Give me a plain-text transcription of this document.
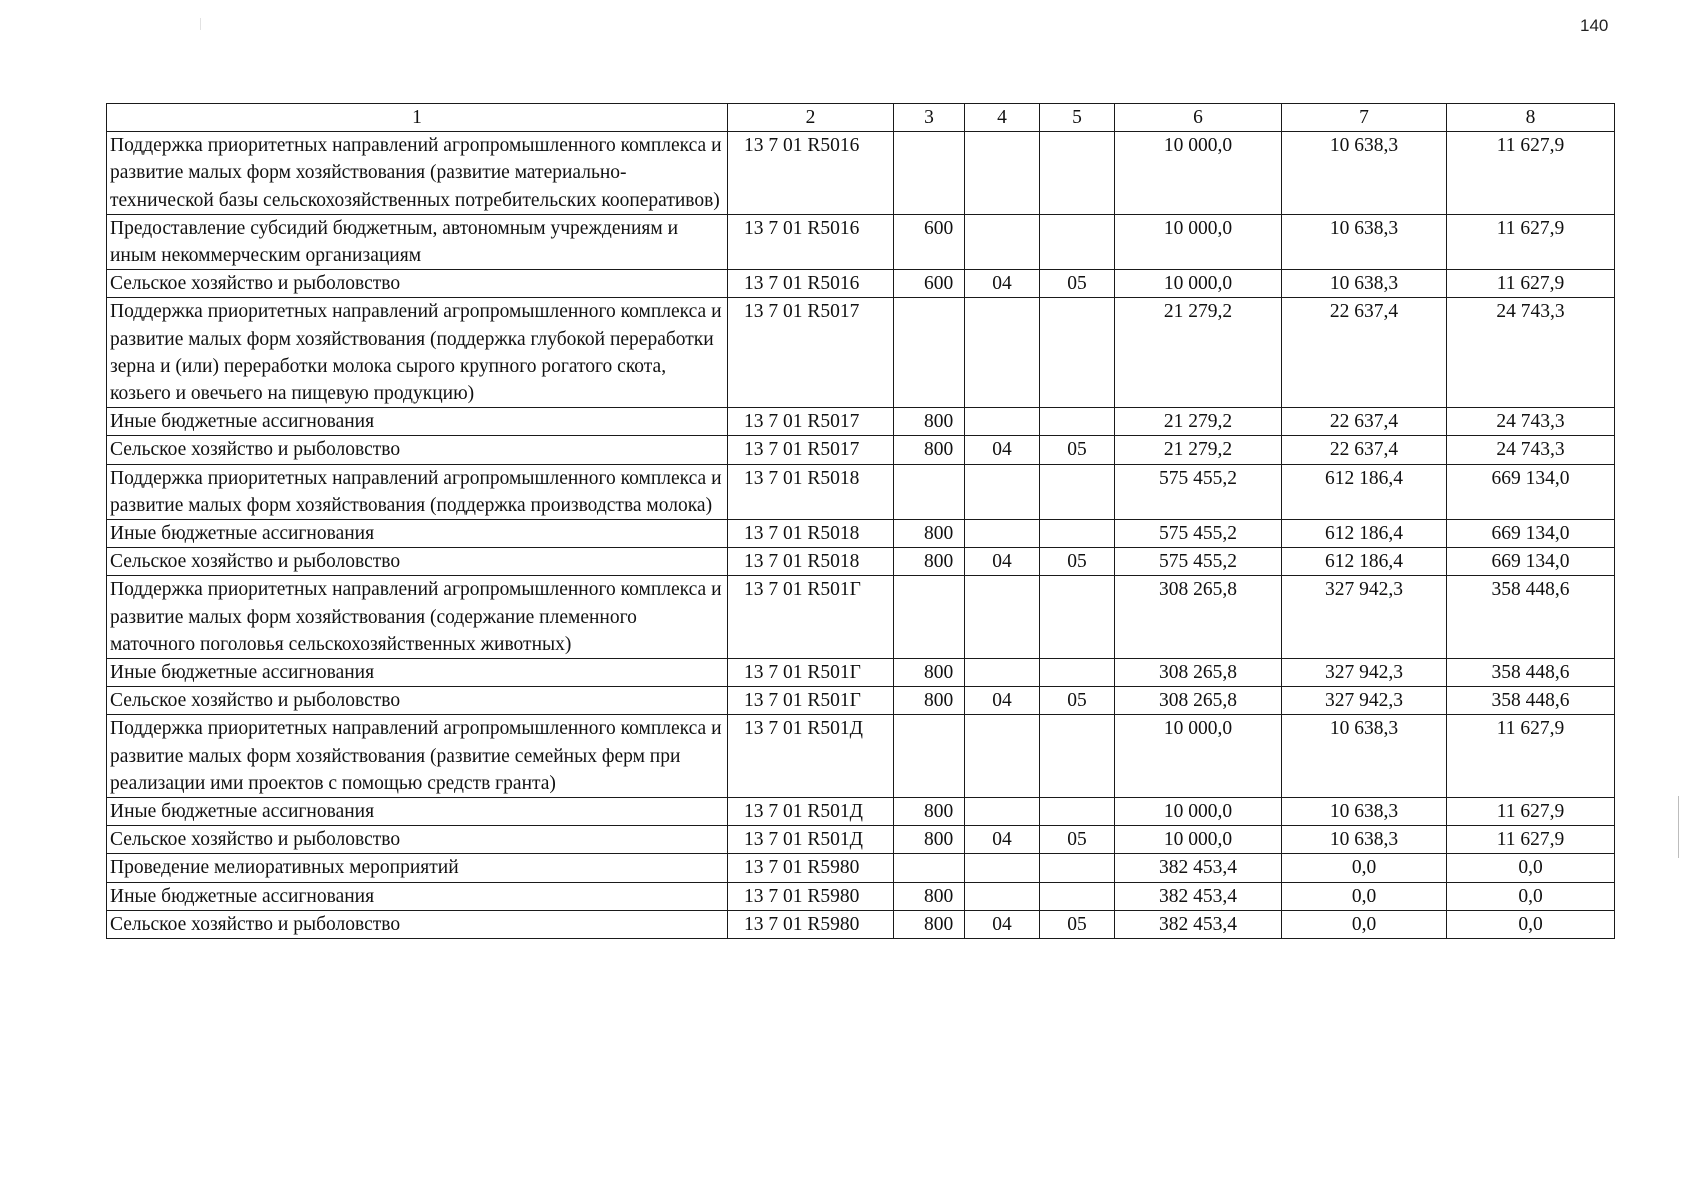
140
1	2	3	4	5	6	7	8
Поддержка приоритетных направлений агропромышленного комплекса и развитие малых форм хозяйствования (развитие материально-технической базы сельскохозяйственных потребительских кооперативов)	13 7 01 R5016				10 000,0	10 638,3	11 627,9
Предоставление субсидий бюджетным, автономным учреждениям и иным некоммерческим организациям	13 7 01 R5016	600			10 000,0	10 638,3	11 627,9
Сельское хозяйство и рыболовство	13 7 01 R5016	600	04	05	10 000,0	10 638,3	11 627,9
Поддержка приоритетных направлений агропромышленного комплекса и развитие малых форм хозяйствования (поддержка глубокой переработки зерна и (или) переработки молока сырого крупного рогатого скота, козьего и овечьего на пищевую продукцию)	13 7 01 R5017				21 279,2	22 637,4	24 743,3
Иные бюджетные ассигнования	13 7 01 R5017	800			21 279,2	22 637,4	24 743,3
Сельское хозяйство и рыболовство	13 7 01 R5017	800	04	05	21 279,2	22 637,4	24 743,3
Поддержка приоритетных направлений агропромышленного комплекса и развитие малых форм хозяйствования (поддержка производства молока)	13 7 01 R5018				575 455,2	612 186,4	669 134,0
Иные бюджетные ассигнования	13 7 01 R5018	800			575 455,2	612 186,4	669 134,0
Сельское хозяйство и рыболовство	13 7 01 R5018	800	04	05	575 455,2	612 186,4	669 134,0
Поддержка приоритетных направлений агропромышленного комплекса и развитие малых форм хозяйствования (содержание племенного маточного поголовья сельскохозяйственных животных)	13 7 01 R501Г				308 265,8	327 942,3	358 448,6
Иные бюджетные ассигнования	13 7 01 R501Г	800			308 265,8	327 942,3	358 448,6
Сельское хозяйство и рыболовство	13 7 01 R501Г	800	04	05	308 265,8	327 942,3	358 448,6
Поддержка приоритетных направлений агропромышленного комплекса и развитие малых форм хозяйствования (развитие семейных ферм при реализации ими проектов с помощью средств гранта)	13 7 01 R501Д				10 000,0	10 638,3	11 627,9
Иные бюджетные ассигнования	13 7 01 R501Д	800			10 000,0	10 638,3	11 627,9
Сельское хозяйство и рыболовство	13 7 01 R501Д	800	04	05	10 000,0	10 638,3	11 627,9
Проведение мелиоративных мероприятий	13 7 01 R5980				382 453,4	0,0	0,0
Иные бюджетные ассигнования	13 7 01 R5980	800			382 453,4	0,0	0,0
Сельское хозяйство и рыболовство	13 7 01 R5980	800	04	05	382 453,4	0,0	0,0
